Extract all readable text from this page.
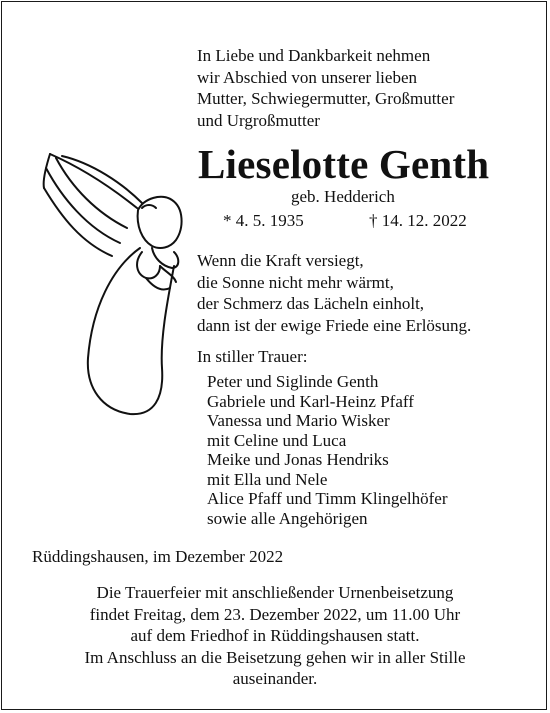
In Liebe und Dankbarkeit nehmen
wir Abschied von unserer lieben
Mutter, Schwiegermutter, Großmutter
und Urgroßmutter
Lieselotte Genth
geb. Hedderich
* 4. 5. 1935	† 14. 12. 2022
Wenn die Kraft versiegt,
die Sonne nicht mehr wärmt,
der Schmerz das Lächeln einholt,
dann ist der ewige Friede eine Erlösung.
In stiller Trauer:
Peter und Siglinde Genth
Gabriele und Karl-Heinz Pfaff
Vanessa und Mario Wisker
mit Celine und Luca
Meike und Jonas Hendriks
mit Ella und Nele
Alice Pfaff und Timm Klingelhöfer
sowie alle Angehörigen
Rüddingshausen, im Dezember 2022
Die Trauerfeier mit anschließender Urnenbeisetzung
findet Freitag, dem 23. Dezember 2022, um 11.00 Uhr
auf dem Friedhof in Rüddingshausen statt.
Im Anschluss an die Beisetzung gehen wir in aller Stille
auseinander.
